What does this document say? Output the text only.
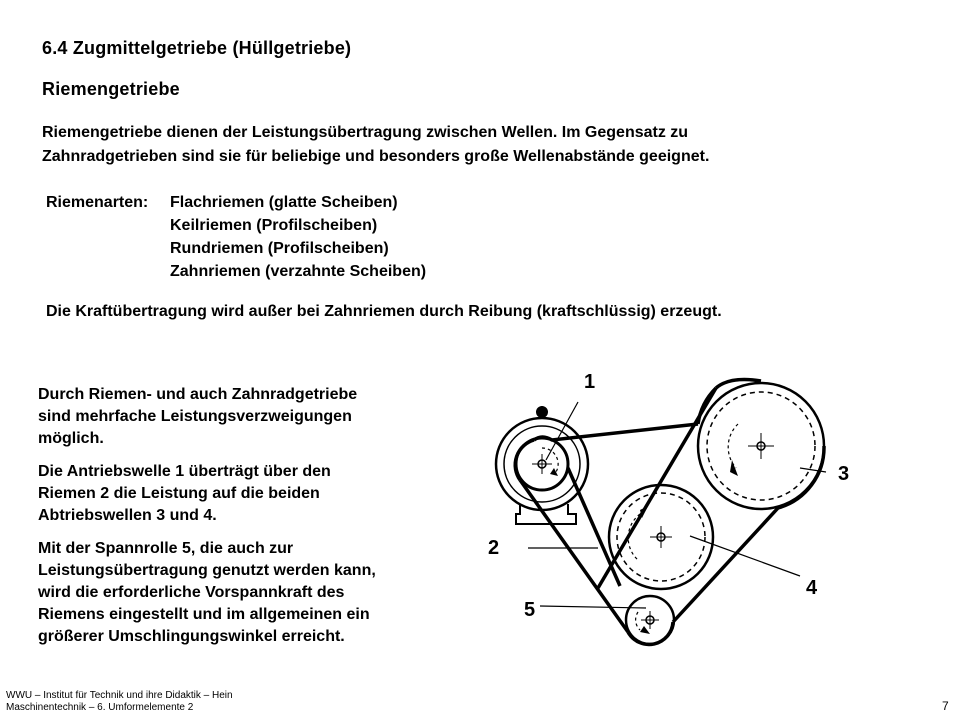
6.4 Zugmittelgetriebe (Hüllgetriebe)
Riemengetriebe
Riemengetriebe dienen der Leistungsübertragung zwischen Wellen. Im Gegensatz zu
Zahnradgetrieben sind sie für beliebige und besonders große Wellenabstände geeignet.
Riemenarten: Flachriemen (glatte Scheiben)
Keilriemen (Profilscheiben)
Rundriemen (Profilscheiben)
Zahnriemen (verzahnte Scheiben)
Die Kraftübertragung wird außer bei Zahnriemen durch Reibung (kraftschlüssig) erzeugt.
Durch Riemen- und auch Zahnradgetriebe
sind mehrfache Leistungsverzweigungen
möglich.
Die Antriebswelle 1 überträgt über den
Riemen 2 die Leistung auf die beiden
Abtriebswellen 3 und 4.
Mit der Spannrolle 5, die auch zur
Leistungsübertragung genutzt werden kann,
wird die erforderliche Vorspannkraft des
Riemens eingestellt und im allgemeinen ein
größerer Umschlingungswinkel erreicht.
1
2
3
4
5
WWU – Institut für Technik und ihre Didaktik – Hein
Maschinentechnik – 6. Umformelemente 2	7
